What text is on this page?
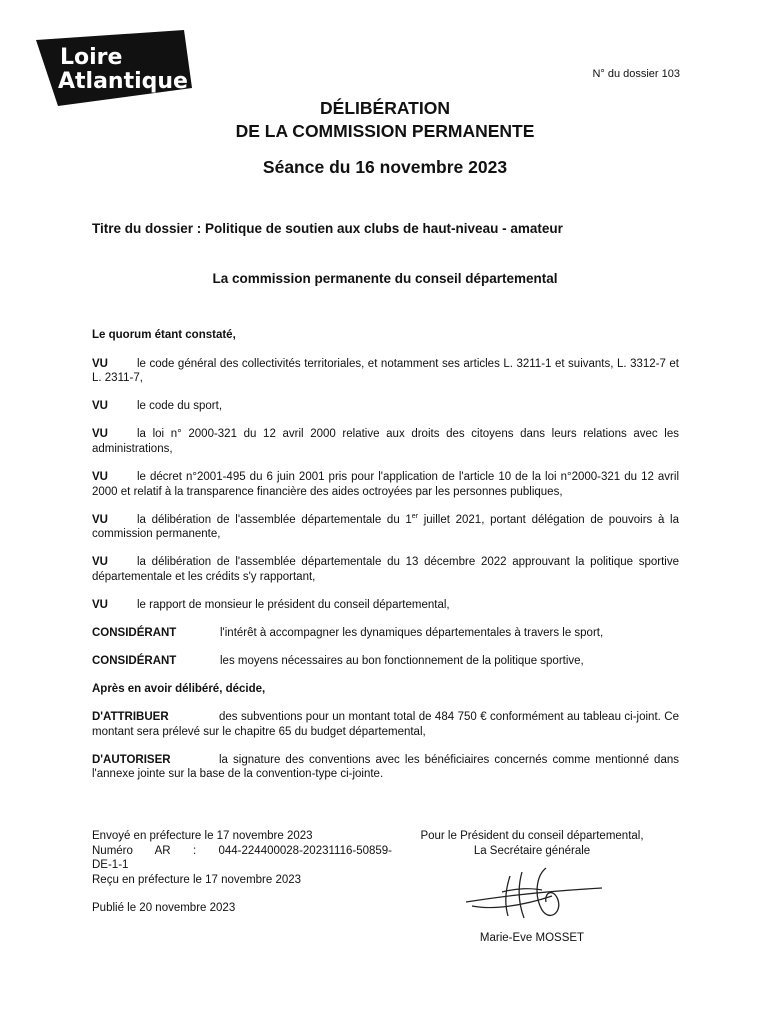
Loire
Atlantique	N° du dossier 103
DÉLIBÉRATION
DE LA COMMISSION PERMANENTE
Séance du 16 novembre 2023
Titre du dossier : Politique de soutien aux clubs de haut-niveau - amateur
La commission permanente du conseil départemental

Le quorum étant constaté,

VU	le code général des collectivités territoriales, et notamment ses articles L. 3211-1 et suivants, L. 3312-7 et L. 2311-7,

VU	le code du sport,

VU	la loi n° 2000-321 du 12 avril 2000 relative aux droits des citoyens dans leurs relations avec les administrations,

VU	le décret n°2001-495 du 6 juin 2001 pris pour l'application de l'article 10 de la loi n°2000-321 du 12 avril 2000 et relatif à la transparence financière des aides octroyées par les personnes publiques,

VU	la délibération de l'assemblée départementale du 1er juillet 2021, portant délégation de pouvoirs à la commission permanente,

VU	la délibération de l'assemblée départementale du 13 décembre 2022 approuvant la politique sportive départementale et les crédits s'y rapportant,

VU	le rapport de monsieur le président du conseil départemental,

CONSIDÉRANT	l'intérêt à accompagner les dynamiques départementales à travers le sport,

CONSIDÉRANT	les moyens nécessaires au bon fonctionnement de la politique sportive,

Après en avoir délibéré, décide,

D'ATTRIBUER	des subventions pour un montant total de 484 750 € conformément au tableau ci-joint. Ce montant sera prélevé sur le chapitre 65 du budget départemental,

D'AUTORISER	la signature des conventions avec les bénéficiaires concernés comme mentionné dans l'annexe jointe sur la base de la convention-type ci-jointe.

Envoyé en préfecture le 17 novembre 2023
Numéro AR : 044-224400028-20231116-50859-
DE-1-1
Reçu en préfecture le 17 novembre 2023
Publié le 20 novembre 2023
Pour le Président du conseil départemental,
La Secrétaire générale
Marie-Eve MOSSET
